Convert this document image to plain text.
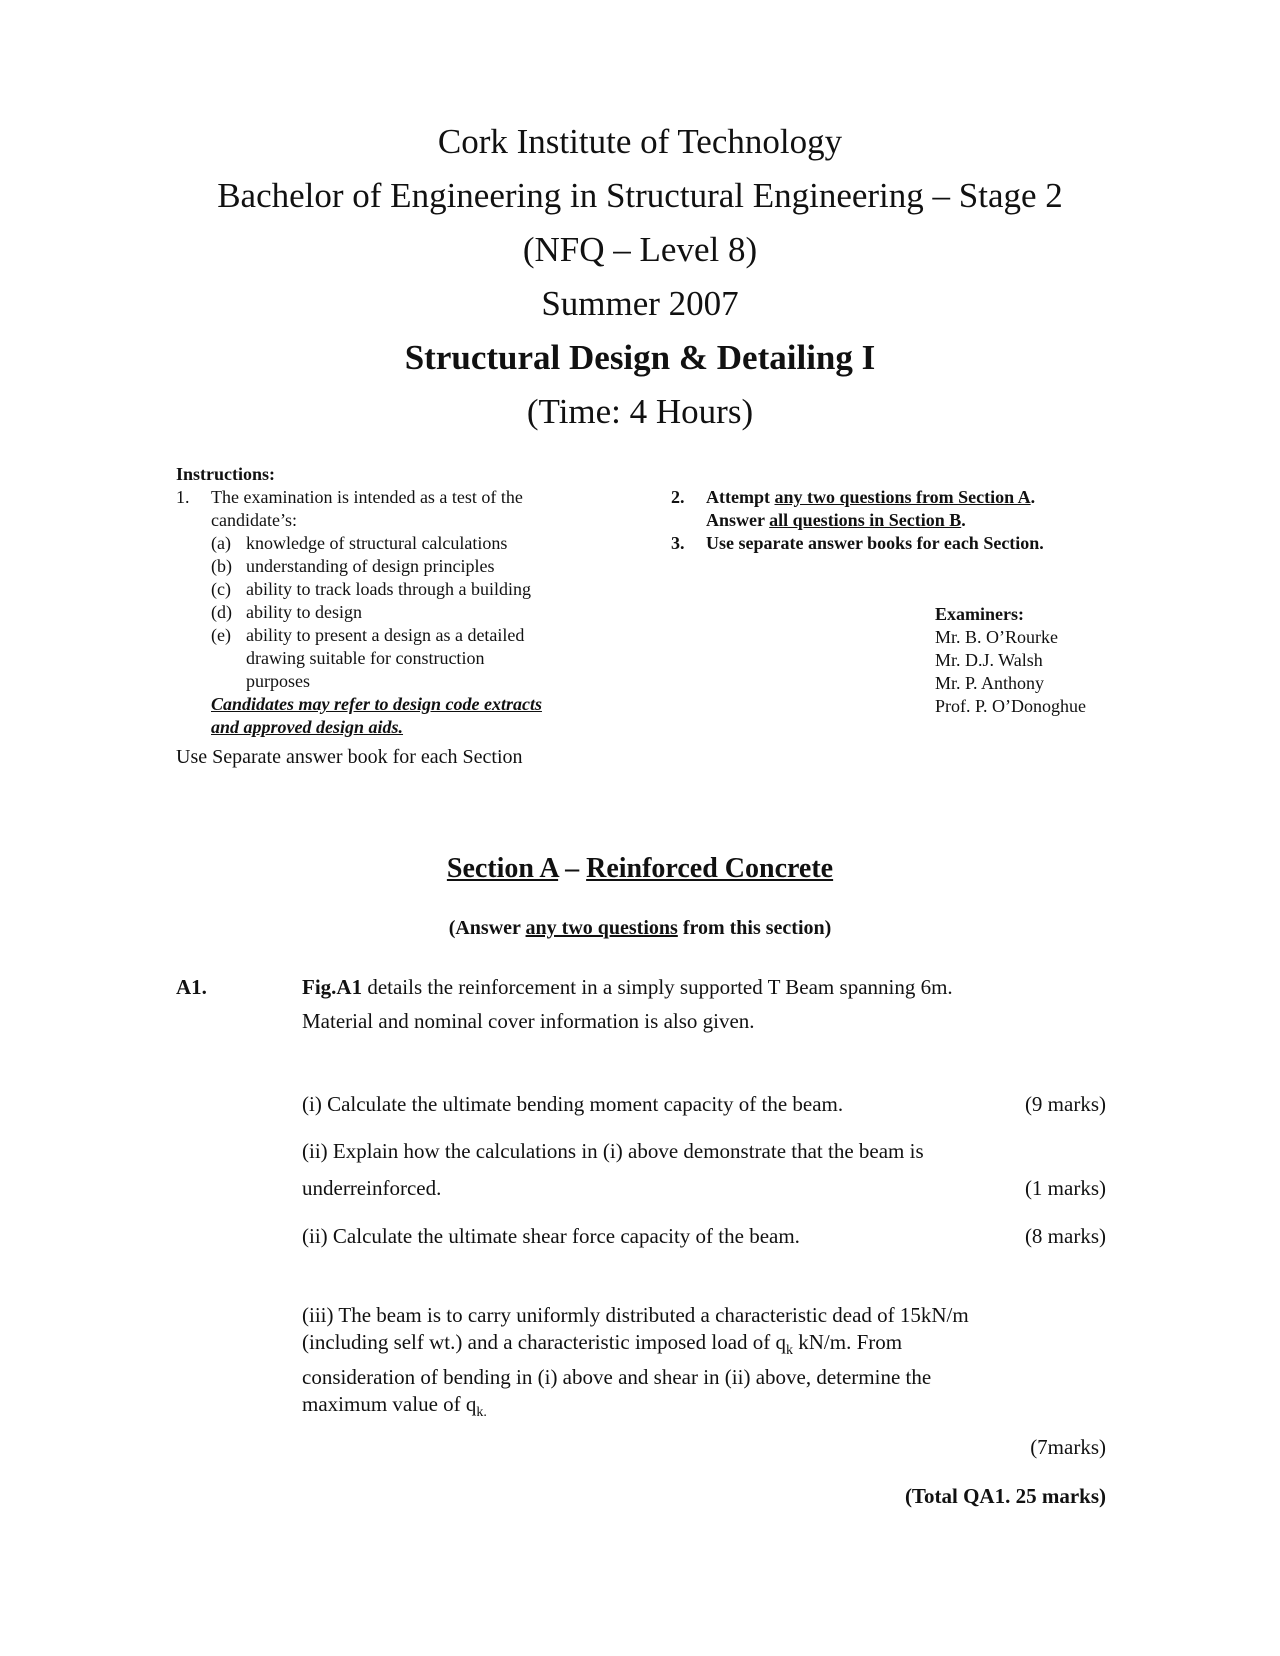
Cork Institute of Technology
Bachelor of Engineering in Structural Engineering – Stage 2
(NFQ – Level 8)
Summer 2007
Structural Design & Detailing I
(Time: 4 Hours)
Instructions:
1. The examination is intended as a test of the
candidate’s:
(a) knowledge of structural calculations
(b) understanding of design principles
(c) ability to track loads through a building
(d) ability to design
(e) ability to present a design as a detailed
drawing suitable for construction
purposes
Candidates may refer to design code extracts
and approved design aids.
Use Separate answer book for each Section
2. Attempt any two questions from Section A.
Answer all questions in Section B.
3. Use separate answer books for each Section.
Examiners:
Mr. B. O’Rourke
Mr. D.J. Walsh
Mr. P. Anthony
Prof. P. O’Donoghue
Section A – Reinforced Concrete
(Answer any two questions from this section)
A1.	Fig.A1 details the reinforcement in a simply supported T Beam spanning 6m.
Material and nominal cover information is also given.
(i) Calculate the ultimate bending moment capacity of the beam.	(9 marks)
(ii) Explain how the calculations in (i) above demonstrate that the beam is
underreinforced.	(1 marks)
(ii) Calculate the ultimate shear force capacity of the beam.	(8 marks)
(iii) The beam is to carry uniformly distributed a characteristic dead of 15kN/m
(including self wt.) and a characteristic imposed load of $q_k$ kN/m. From
consideration of bending in (i) above and shear in (ii) above, determine the
maximum value of $q_{k.}$
(7marks)
(Total QA1. 25 marks)
